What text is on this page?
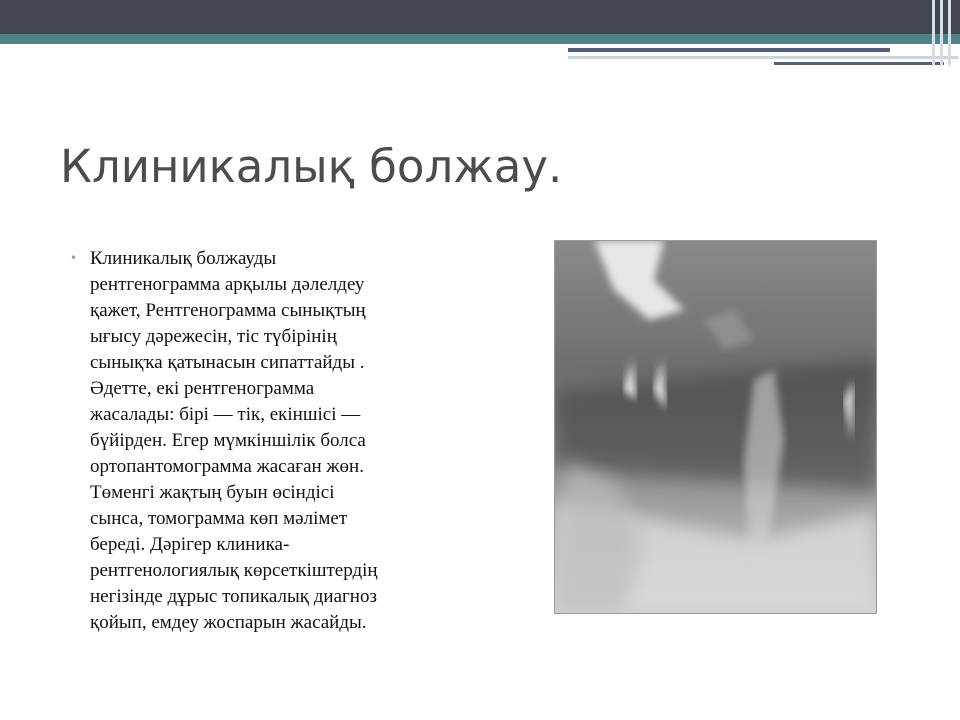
Клиникалық болжау.
• Клиникалық болжауды
рентгенограмма арқылы дәлелдеу
қажет, Рентгенограмма сынықтың
ығысу дәрежесін, тіс түбірінің
сынықҡа қатынасын сипаттайды .
Әдетте, екі рентгенограмма
жасалады: бірі — тік, екіншісі —
бүйірден. Егер мүмкіншілік болса
ортопантомограмма жасаған жөн.
Төменгі жақтың буын өсіндісі
сынса, томограмма көп мәлімет
береді. Дәрігер клиника-
рентгенологиялық көрсеткіштердің
негізінде дұрыс топикалық диагноз
қойып, емдеу жоспарын жасайды.
